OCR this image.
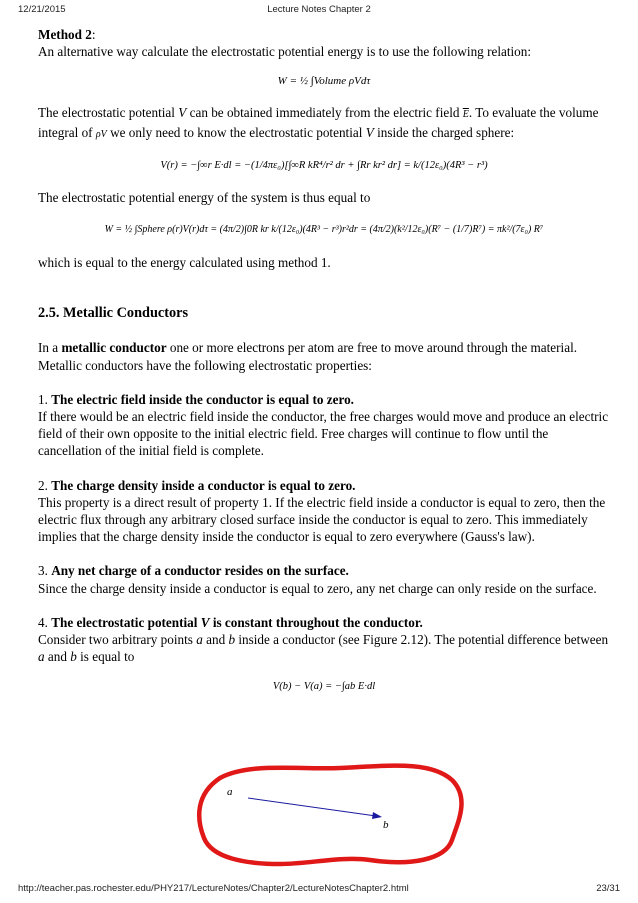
12/21/2015	Lecture Notes Chapter 2

Method 2:

An alternative way calculate the electrostatic potential energy is to use the following relation:

W = ½ ∫Volume ρVdτ

The electrostatic potential V can be obtained immediately from the electric field $\overline{E}$. To evaluate the volume integral of ρV we only need to know the electrostatic potential V inside the charged sphere:

V(r) = −∫∞r E·dl = −(1/4πε₀)[∫∞R kR⁴/r² dr + ∫Rr kr² dr] = k/(12ε₀)(4R³ − r³)

The electrostatic potential energy of the system is thus equal to

W = ½ ∫Sphere ρ(r)V(r)dτ = (4π/2)∫0R kr k/(12ε₀)(4R³ − r³)r²dr = (4π/2)(k²/12ε₀)(R⁷ − (1/7)R⁷) = πk²/(7ε₀) R⁷

which is equal to the energy calculated using method 1.

2.5. Metallic Conductors

In a metallic conductor one or more electrons per atom are free to move around through the material. Metallic conductors have the following electrostatic properties:

1. The electric field inside the conductor is equal to zero.

If there would be an electric field inside the conductor, the free charges would move and produce an electric field of their own opposite to the initial electric field. Free charges will continue to flow until the cancellation of the initial field is complete.

2. The charge density inside a conductor is equal to zero.

This property is a direct result of property 1. If the electric field inside a conductor is equal to zero, then the electric flux through any arbitrary closed surface inside the conductor is equal to zero. This immediately implies that the charge density inside the conductor is equal to zero everywhere (Gauss's law).

3. Any net charge of a conductor resides on the surface.

Since the charge density inside a conductor is equal to zero, any net charge can only reside on the surface.

4. The electrostatic potential V is constant throughout the conductor.

Consider two arbitrary points a and b inside a conductor (see Figure 2.12). The potential difference between a and b is equal to

V(b) − V(a) = −∫ab E·dl
a
b
http://teacher.pas.rochester.edu/PHY217/LectureNotes/Chapter2/LectureNotesChapter2.html	23/31
